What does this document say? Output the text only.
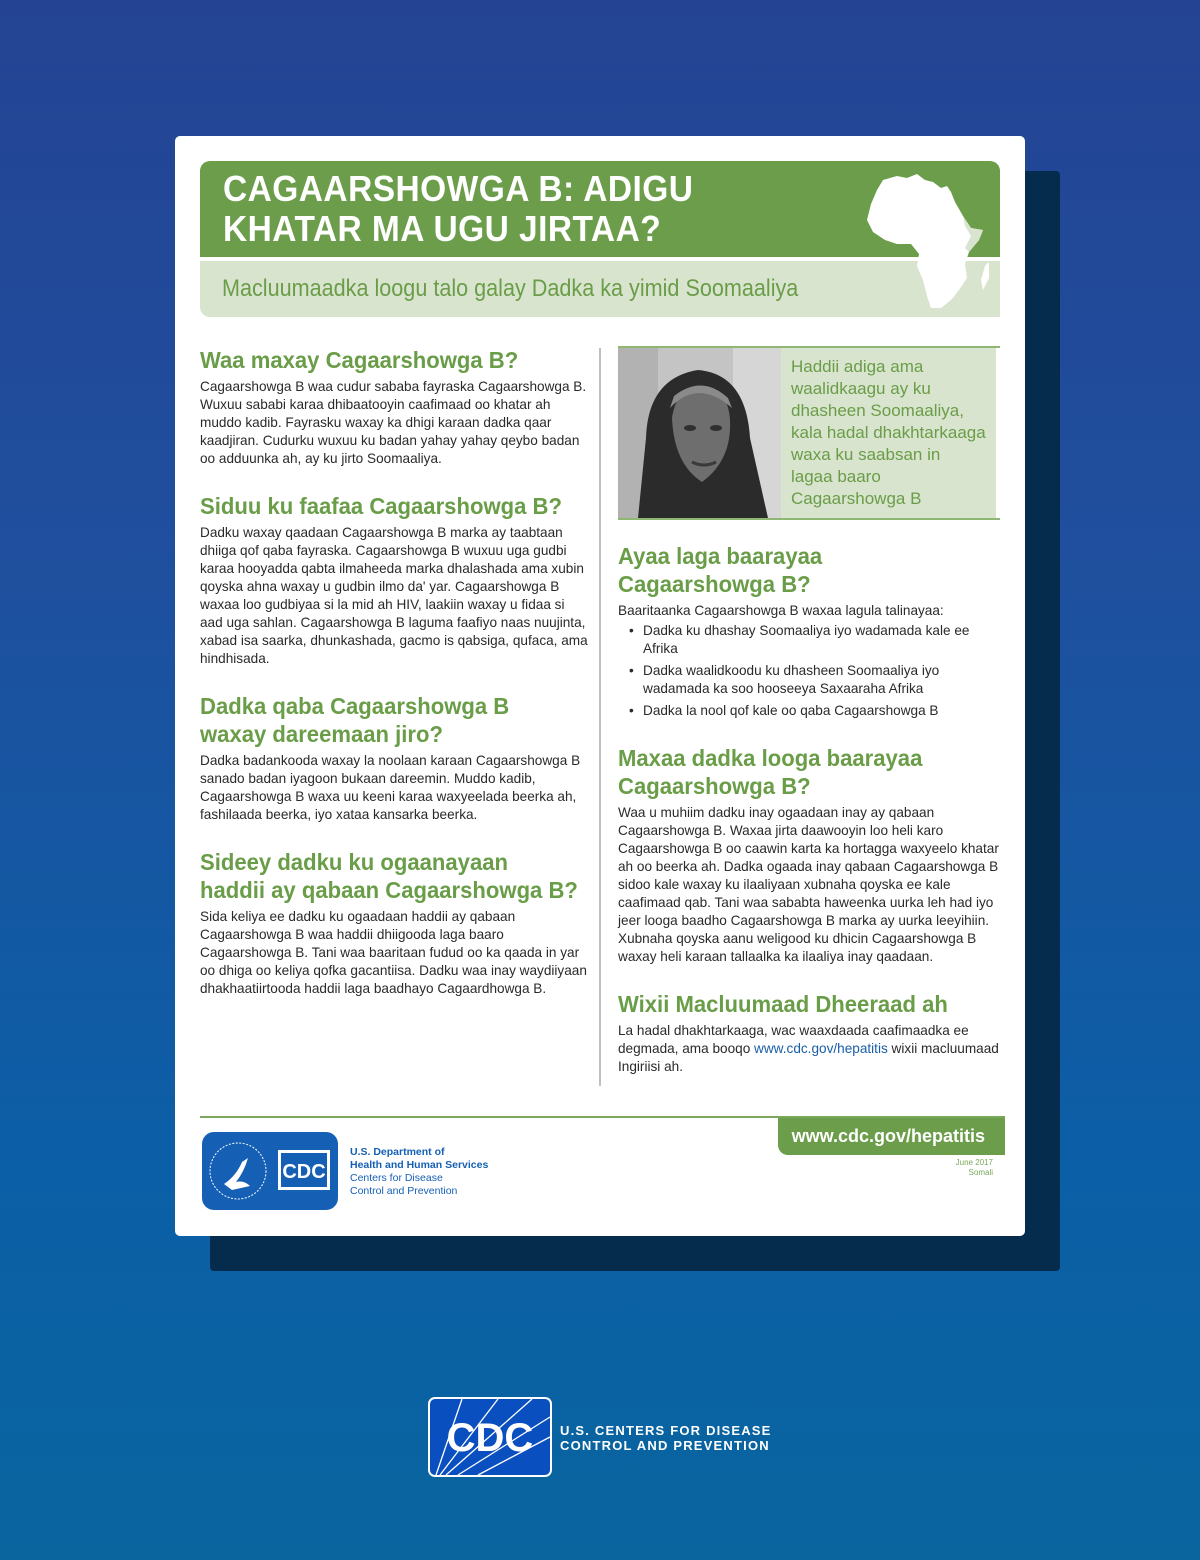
CAGAARSHOWGA B: ADIGU
KHATAR MA UGU JIRTAA?
Macluumaadka loogu talo galay Dadka ka yimid Soomaaliya
Waa maxay Cagaarshowga B?

Cagaarshowga B waa cudur sababa fayraska Cagaarshowga B. Wuxuu sababi karaa dhibaatooyin caafimaad oo khatar ah muddo kadib. Fayrasku waxay ka dhigi karaan dadka qaar kaadjiran. Cudurku wuxuu ku badan yahay yahay qeybo badan oo adduunka ah, ay ku jirto Soomaaliya.

Siduu ku faafaa Cagaarshowga B?

Dadku waxay qaadaan Cagaarshowga B marka ay taabtaan dhiiga qof qaba fayraska. Cagaarshowga B wuxuu uga gudbi karaa hooyadda qabta ilmaheeda marka dhalashada ama xubin qoyska ahna waxay u gudbin ilmo da' yar. Cagaarshowga B waxaa loo gudbiyaa si la mid ah HIV, laakiin waxay u fidaa si aad uga sahlan. Cagaarshowga B laguma faafiyo naas nuujinta, xabad isa saarka, dhunkashada, gacmo is qabsiga, qufaca, ama hindhisada.

Dadka qaba Cagaarshowga B
waxay dareemaan jiro?

Dadka badankooda waxay la noolaan karaan Cagaarshowga B sanado badan iyagoon bukaan dareemin. Muddo kadib, Cagaarshowga B waxa uu keeni karaa waxyeelada beerka ah, fashilaada beerka, iyo xataa kansarka beerka.

Sideey dadku ku ogaanayaan
haddii ay qabaan Cagaarshowga B?

Sida keliya ee dadku ku ogaadaan haddii ay qabaan Cagaarshowga B waa haddii dhiigooda laga baaro Cagaarshowga B. Tani waa baaritaan fudud oo ka qaada in yar oo dhiga oo keliya qofka gacantiisa. Dadku waa inay waydiiyaan dhakhaatiirtooda haddii laga baadhayo Cagaardhowga B.

Haddii adiga ama waalidkaagu ay ku dhasheen Soomaaliya, kala hadal dhakhtarkaaga waxa ku saabsan in lagaa baaro Cagaarshowga B

Ayaa laga baarayaa
Cagaarshowga B?

Baaritaanka Cagaarshowga B waxaa lagula talinayaa:

• Dadka ku dhashay Soomaaliya iyo wadamada kale ee Afrika
• Dadka waalidkoodu ku dhasheen Soomaaliya iyo wadamada ka soo hooseeya Saxaaraha Afrika
• Dadka la nool qof kale oo qaba Cagaarshowga B
Maxaa dadka looga baarayaa
Cagaarshowga B?

Waa u muhiim dadku inay ogaadaan inay ay qabaan Cagaarshowga B. Waxaa jirta daawooyin loo heli karo Cagaarshowga B oo caawin karta ka hortagga waxyeelo khatar ah oo beerka ah. Dadka ogaada inay qabaan Cagaarshowga B sidoo kale waxay ku ilaaliyaan xubnaha qoyska ee kale caafimaad qab. Tani waa sababta haweenka uurka leh had iyo jeer looga baadho Cagaarshowga B marka ay uurka leeyihiin. Xubnaha qoyska aanu weligood ku dhicin Cagaarshowga B waxay heli karaan tallaalka ka ilaaliya inay qaadaan.

Wixii Macluumaad Dheeraad ah

La hadal dhakhtarkaaga, wac waaxdaada caafimaadka ee degmada, ama booqo www.cdc.gov/hepatitis wixii macluumaad Ingiriisi ah.

www.cdc.gov/hepatitis
June 2017
Somali
CDC
U.S. Department of
Health and Human Services
Centers for Disease
Control and Prevention
CDC U.S. CENTERS FOR DISEASE
CONTROL AND PREVENTION
